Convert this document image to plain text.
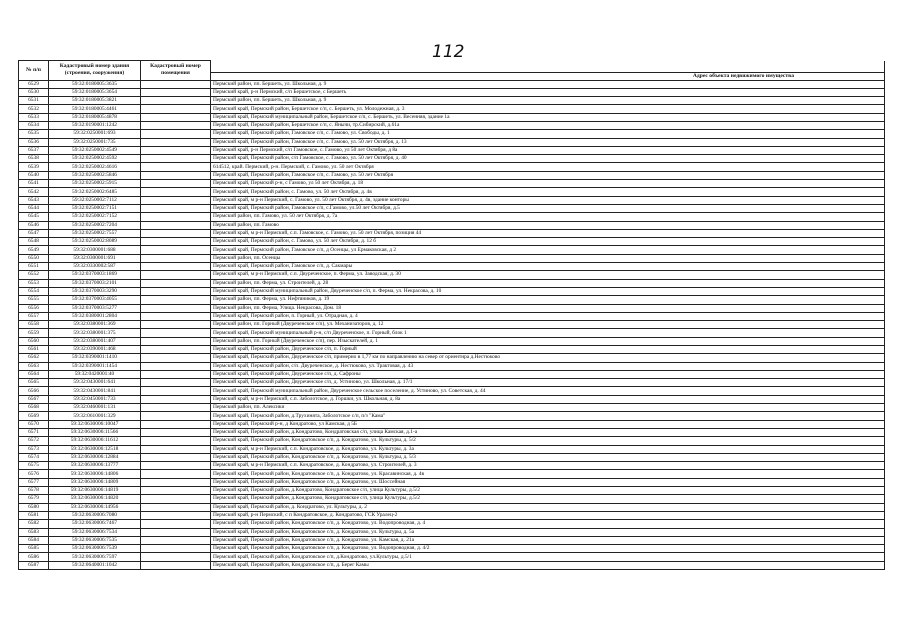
112
№ п/п	Кадастровый номер здания (строения, сооружения)	Кадастровый номер помещения	
			Адрес объекта недвижимого имущества
6529	59:32:0180005:3635		Пермский район, пп. Бершеть, ул. Школьная, д. 9
6530	59:32:0180005:3654		Пермский край, р-н Пермский, с/п Бершетское, с Бершеть
6531	59:32:0180005:3821		Пермский район, пп. Бершеть, ул. Школьная, д. 9
6532	59:32:0180005:4461		Пермский край, Пермский район, Бершетское с/п, с. Бершеть, ул. Молодежная, д. 3
6533	59:32:0180005:4878		Пермский край, Пермский муниципальный район, Бершетское с/п, с. Бершеть, ул. Весенняя, здание 1а
6534	59:32:0190001:1242		Пермский край, Пермский район, Бершетское с/п, с. Янычи, тр.Сибирский, д.61а
6535	59:32:0250001:693		Пермский край, Пермский район, Гамовское с/п, с. Гамово, ул. Свободы, д. 1
6536	59:32:0250001:735		Пермский край, Пермский район, Гамовское с/п, с. Гамово, ул. 50 лет Октября, д. 13
6537	59:32:0250002:4549		Пермский край, р-н Пермский, с/п Гамовское, с. Гамово, ул 50 лет Октября, д 8а
6538	59:32:0250002:4592		Пермский край, Пермский район, с/п Гамовское, с. Гамово, ул. 50 лет Октября, д. 40
6539	59:32:0250002:4616		614512, край. Пермский, р-н. Пермский, с. Гамово, ул. 50 лет Октября
6540	59:32:0250002:5846		Пермский край, Пермский район, Гамовское с/п, с. Гамово, ул. 50 лет Октября
6541	59:32:0250002:5915		Пермский край, Пермский р-н, с Гамово, ул 50 лет Октября, д. 18
6542	59:32:0250002:6485		Пермский край, Пермский район, с. Гамово, ул. 50 лет Октября, д. 4в
6543	59:32:0250002:7112		Пермский край, м р-н Пермский, с. Гамово, ул. 50 лет Октября, д. 4в, здание конторы
6544	59:32:0250002:7151		Пермский край, Пермский район, Гамовское с/п, с.Гамово, ул.50 лет Октября, д.5
6545	59:32:0250002:7152		Пермский район, пп. Гамово, ул. 50 лет Октября, д. 7а
6546	59:32:0250002:7204		Пермский район, пп. Гамово
6547	59:32:0250002:7557		Пермский край, м р-н Пермский, с.п. Гамовское, с. Гамово, ул. 50 лет Октября, позиция 44
6548	59:32:0250002:8089		Пермский край, Пермский район, с. Гамово, ул. 50 лет Октября, д. 12 б
6549	59:32:0300001:688		Пермский край, Пермский район, Гамовское с/п, д Осенцы, ул Ермаковская, д 2
6550	59:32:0300001:691		Пермский район, пп. Осенцы
6551	59:32:0330002:587		Пермский край, Пермский район, Гамовское с/п, д. Сакмары
6552	59:32:0370003:1869		Пермский край, м р-н Пермский, с.п. Двуреченское, п. Ферма, ул. Заводская, д. 30
6553	59:32:0370003:2101		Пермский район, пп. Ферма, ул. Строителей, д. 28
6554	59:32:0370003:3290		Пермский край, Пермский муниципальный район, Двуреченское с/п, п. Ферма, ул. Некрасова, д. 10
6555	59:32:0370003:4055		Пермский район, пп. Ферма, ул. Нефтяников, д. 19
6556	59:32:0370003:5277		Пермский район, пп. Ферма, Улица. Некрасова, Дом. 18
6557	59:32:0380001:2804		Пермский край, Пермский район, п. Горный, ул. Отрадная, д. 4
6558	59:32:0380001:369		Пермский район, пп. Горный (Двуреченское с/п), ул. Механизаторов, д. 12
6559	59:32:0380001:375		Пермский край, Пермский муниципальный р-н, с/п Двуреченское, п. Горный, блок 1
6560	59:32:0380001:407		Пермский район, пп. Горный (Двуреченское с/п), пер. Изыскателей, д. 1
6561	59:32:0390001:468		Пермский край, Пермский район, Двуреченское с/п, п. Горный
6562	59:32:0390001:1410		Пермский край, Пермский район, Двуреченское с/п, примерно в 1,77 км по направлению на север от ориентира д.Нестюково
6563	59:32:0390001:1454		Пермский край, Пермский район, с/п. Двуреченское, д. Нестюково, ул. Трактовая, д. 43
6564	59:32:0420001:40		Пермский край, Пермский район, Двуреченское с/п, д. Сафроны
6565	59:32:0430001:641		Пермский край, Пермский район, Двуреченское с/п, д. Устиново, ул. Школьная, д. 17/1
6566	59:32:0430001:841		Пермский край, Пермский муниципальный район, Двуреченское сельское поселение, д. Устиново, ул. Советская, д. 44
6567	59:32:0450001:733		Пермский край, м р-н Пермский, с.п. Заболотское, д. Горшки, ул. Школьная, д. 8а
6568	59:32:0460001:131		Пермский район, пп. Алексики
6569	59:32:0610001:329		Пермский край, Пермский район, д.Трухинята, Заболотское с/п, п/з "Кама"
6570	59:32:0630006:10047		Пермский край, Пермский р-н, д Кондратово, ул Камская, д 5Б
6571	59:32:0630006:11566		Пермский край, Пермский район, д.Кондратово, Кондратовская с/п, улица Камская, д.1-а
6572	59:32:0630006:11612		Пермский край, Пермский район, Кондратовское с/п, д. Кондратово, ул. Культуры, д. 5/2
6573	59:32:0630006:12518		Пермский край, м р-н Пермский, с.п. Кондратовское, д. Кондратово, ул. Культуры, д. 3а
6574	59:32:0630006:12884		Пермский край, Пермский район, Кондратовское с/п, д. Кондратово, ул. Культуры, д. 5/3
6575	59:32:0630006:13777		Пермский край, м р-н Пермский, с.п. Кондратовское, д. Кондратово, ул. Строителей, д. 3
6576	59:32:0630006:14806		Пермский край, Пермский район, Кондратовское с/п, д. Кондратово, ул. Красавинская, д. 4в
6577	59:32:0630006:14809		Пермский край, Пермский район, Кондратовское с/п, д. Кондратово, ул. Шоссейная
6578	59:32:0630006:14819		Пермский край, Пермский район, д.Кондратово, Кондратовское с/п, улица Культуры, д.5/2
6579	59:32:0630006:14820		Пермский край, Пермский район, д.Кондратово, Кондратовское с/п, улица Культуры, д.5/2
6580	59:32:0630006:14956		Пермский край, Пермский район, д. Кондратово, ул. Культуры, д. 2
6581	59:32:0630006:7080		Пермский край, р-н Пермский, с п Кондратовское, д. Кондратово, ГСК Уралец-2
6582	59:32:0630006:7467		Пермский край, Пермский район, Кондратовское с/п, д. Кондратово, ул. Водопроводная, д. 4
6583	59:32:0630006:7534		Пермский край, Пермский район, Кондратовское с/п, д. Кондратово, ул. Культуры, д. 5а
6584	59:32:0630006:7535		Пермский край, Пермский район, Кондратовское с/п, д. Кондратово, ул. Камская, д. 21а
6585	59:32:0630006:7539		Пермский край, Пермский район, Кондратовское с/п, д. Кондратово, ул. Водопроводная, д. 4/2
6586	59:32:0630006:7597		Пермский край, Пермский район, Кондратовское с/п, д.Кондратово, ул.Культуры, д.5/1
6587	59:32:0640001:1042		Пермский край, Пермский район, Кондратовское с/п, д. Берег Камы
